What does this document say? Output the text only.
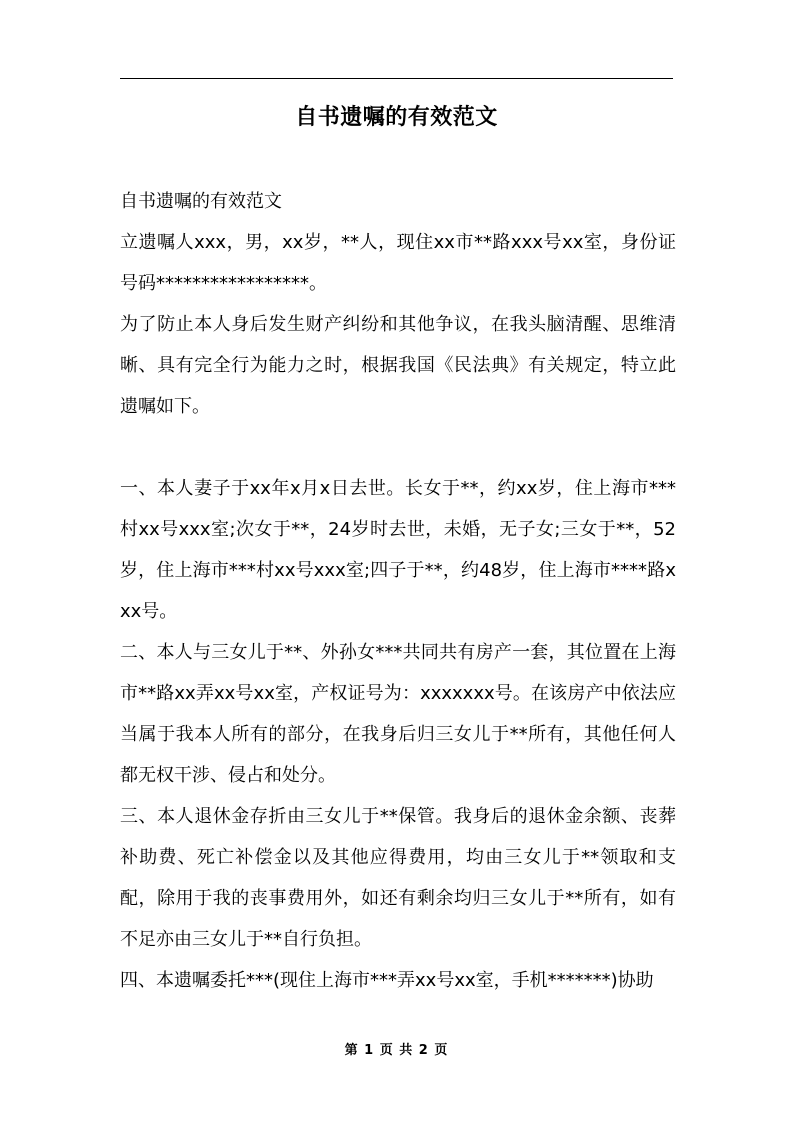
自书遗嘱的有效范文

自书遗嘱的有效范文

立遗嘱人xxx，男，xx岁，**人，现住xx市**路xxx号xx室，身份证号码*****************。

为了防止本人身后发生财产纠纷和其他争议，在我头脑清醒、思维清晰、具有完全行为能力之时，根据我国《民法典》有关规定，特立此遗嘱如下。

一、本人妻子于xx年x月x日去世。长女于**，约xx岁，住上海市***村xx号xxx室;次女于**，24岁时去世，未婚，无子女;三女于**，52岁，住上海市***村xx号xxx室;四子于**，约48岁，住上海市****路xxx号。

二、本人与三女儿于**、外孙女***共同共有房产一套，其位置在上海市**路xx弄xx号xx室，产权证号为：xxxxxxx号。在该房产中依法应当属于我本人所有的部分，在我身后归三女儿于**所有，其他任何人都无权干涉、侵占和处分。

三、本人退休金存折由三女儿于**保管。我身后的退休金余额、丧葬补助费、死亡补偿金以及其他应得费用，均由三女儿于**领取和支配，除用于我的丧事费用外，如还有剩余均归三女儿于**所有，如有不足亦由三女儿于**自行负担。

四、本遗嘱委托***(现住上海市***弄xx号xx室，手机*******)协助

第 1 页 共 2 页
